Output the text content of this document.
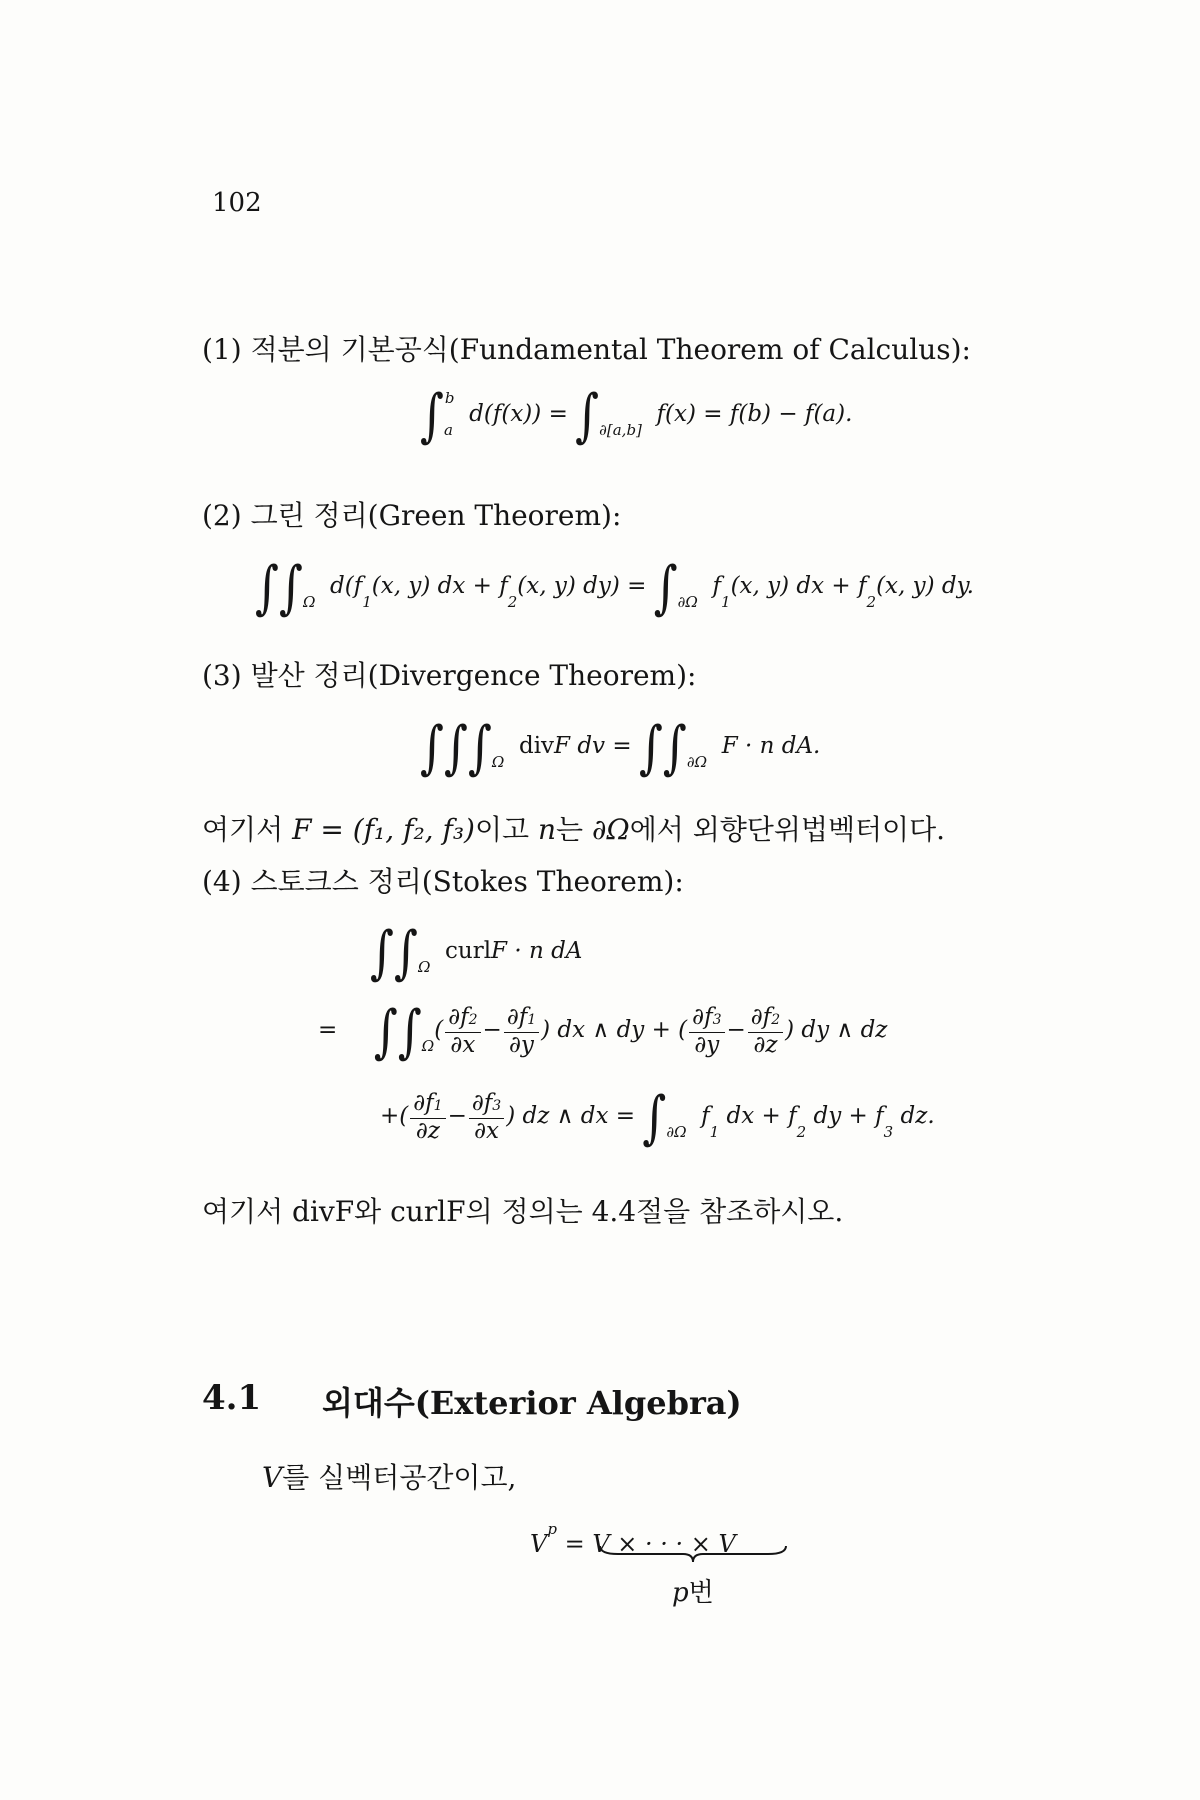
102
(1) 적분의 기본공식(Fundamental Theorem of Calculus):
$\int_a^b$  $d(f(x)) = \int_{\partial[a,b]}$  f(x) = f(b) − f(a).
(2) 그린 정리(Green Theorem):
$\int\int_\Omega$  $d(f_1(x$, y) dx + $f_2(x$, y) $dy) = \int_{\partial\Omega}$  $f_1(x$, y) dx + $f_2(x$, y) dy.
(3) 발산 정리(Divergence Theorem):
$\int\int\int_\Omega$  divF dv = $\int\int_{\partial\Omega}$  F · n dA.
여기서 F = (f₁, f₂, f₃)이고 n는 ∂Ω에서 외향단위법벡터이다.
(4) 스토크스 정리(Stokes Theorem):
$\int\int_\Omega$  curlF · n dA
= $\int\int_\Omega( \frac{\partial f2}{\partial x} - \frac{\partial f1}{\partial y}$ ) dx ∧ dy + ( $\frac{\partial f3}{\partial y} - \frac{\partial f2}{\partial z}$ ) dy ∧ dz
+( $\frac{\partial f1}{\partial z} - \frac{\partial f3}{\partial x}$ ) dz ∧ dx = $\int_{\partial\Omega}$  $f_1$ dx + $f_2$ dy + $f_3$ dz.
여기서 divF와 curlF의 정의는 4.4절을 참조하시오.
4.1 외대수(Exterior Algebra)
V를 실벡터공간이고,
$V^p = V$ × · · · × V
p번
